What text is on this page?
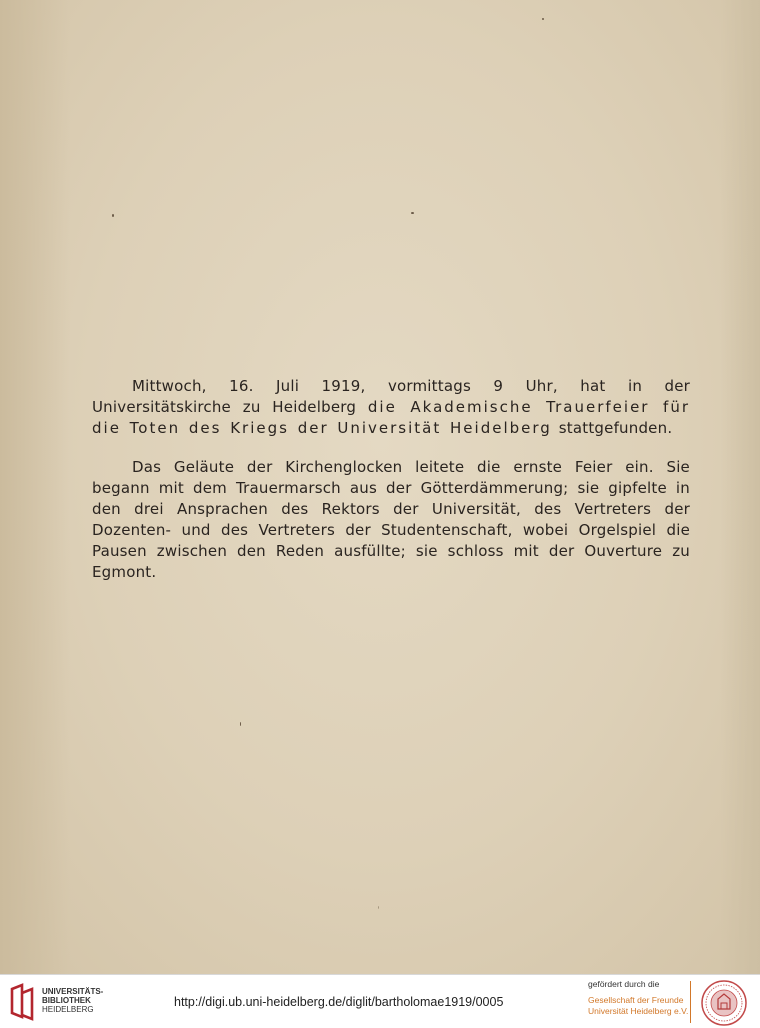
Mittwoch, 16. Juli 1919, vormittags 9 Uhr, hat in der Universitätskirche zu Heidelberg die Akademische Trauerfeier für die Toten des Kriegs der Universität Heidelberg stattgefunden.

Das Geläute der Kirchenglocken leitete die ernste Feier ein. Sie begann mit dem Trauermarsch aus der Götterdämmerung; sie gipfelte in den drei Ansprachen des Rektors der Universität, des Vertreters der Dozenten- und des Vertreters der Studentenschaft, wobei Orgelspiel die Pausen zwischen den Reden ausfüllte; sie schloss mit der Ouverture zu Egmont.

UNIVERSITÄTS-
BIBLIOTHEK
HEIDELBERG
http://digi.ub.uni-heidelberg.de/diglit/bartholomae1919/0005
gefördert durch die
Gesellschaft der Freunde
Universität Heidelberg e.V.
